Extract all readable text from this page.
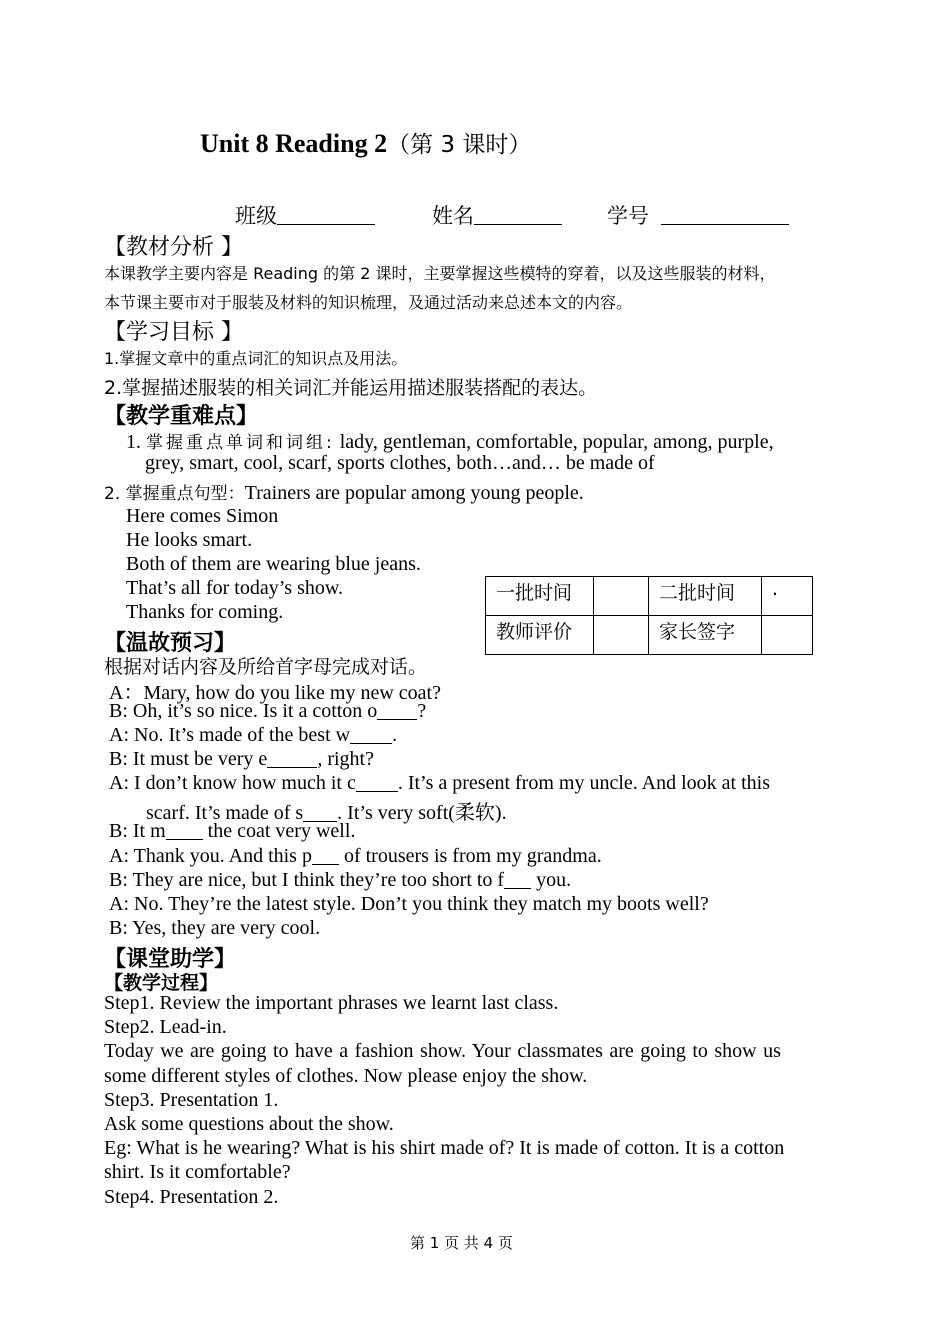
Unit 8 Reading 2（第 3 课时）
班级	姓名	学号
【教材分析 】
本课教学主要内容是 Reading 的第 2 课时，主要掌握这些模特的穿着，以及这些服装的材料，
本节课主要市对于服装及材料的知识梳理，及通过活动来总述本文的内容。
【学习目标 】
1.掌握文章中的重点词汇的知识点及用法。
2.掌握描述服装的相关词汇并能运用描述服装搭配的表达。
【教学重难点】
1. 掌握重点单词和词组: lady, gentleman, comfortable, popular, among, purple,
grey, smart, cool, scarf, sports clothes, both…and… be made of
2. 掌握重点句型：Trainers are popular among young people.
Here comes Simon
He looks smart.
Both of them are wearing blue jeans.
That’s all for today’s show.
Thanks for coming.
一批时间		二批时间	.
教师评价		家长签字	
【温故预习】
根据对话内容及所给首字母完成对话。
A：Mary, how do you like my new coat?
B: Oh, it’s so nice. Is it a cotton o ?
A: No. It’s made of the best w .
B: It must be very e	, right?
A: I don’t know how much it c . It’s a present from my uncle. And look at this
scarf. It’s made of s . It’s very soft(柔软).
B: It m the coat very well.
A: Thank you. And this p of trousers is from my grandma.
B: They are nice, but I think they’re too short to f you.
A: No. They’re the latest style. Don’t you think they match my boots well?
B: Yes, they are very cool.
【课堂助学】
【教学过程】
Step1. Review the important phrases we learnt last class.
Step2. Lead-in.
Today we are going to have a fashion show. Your classmates are going to show us
some different styles of clothes. Now please enjoy the show.
Step3. Presentation 1.
Ask some questions about the show.
Eg: What is he wearing? What is his shirt made of? It is made of cotton. It is a cotton
shirt. Is it comfortable?
Step4. Presentation 2.
第 1 页 共 4 页
